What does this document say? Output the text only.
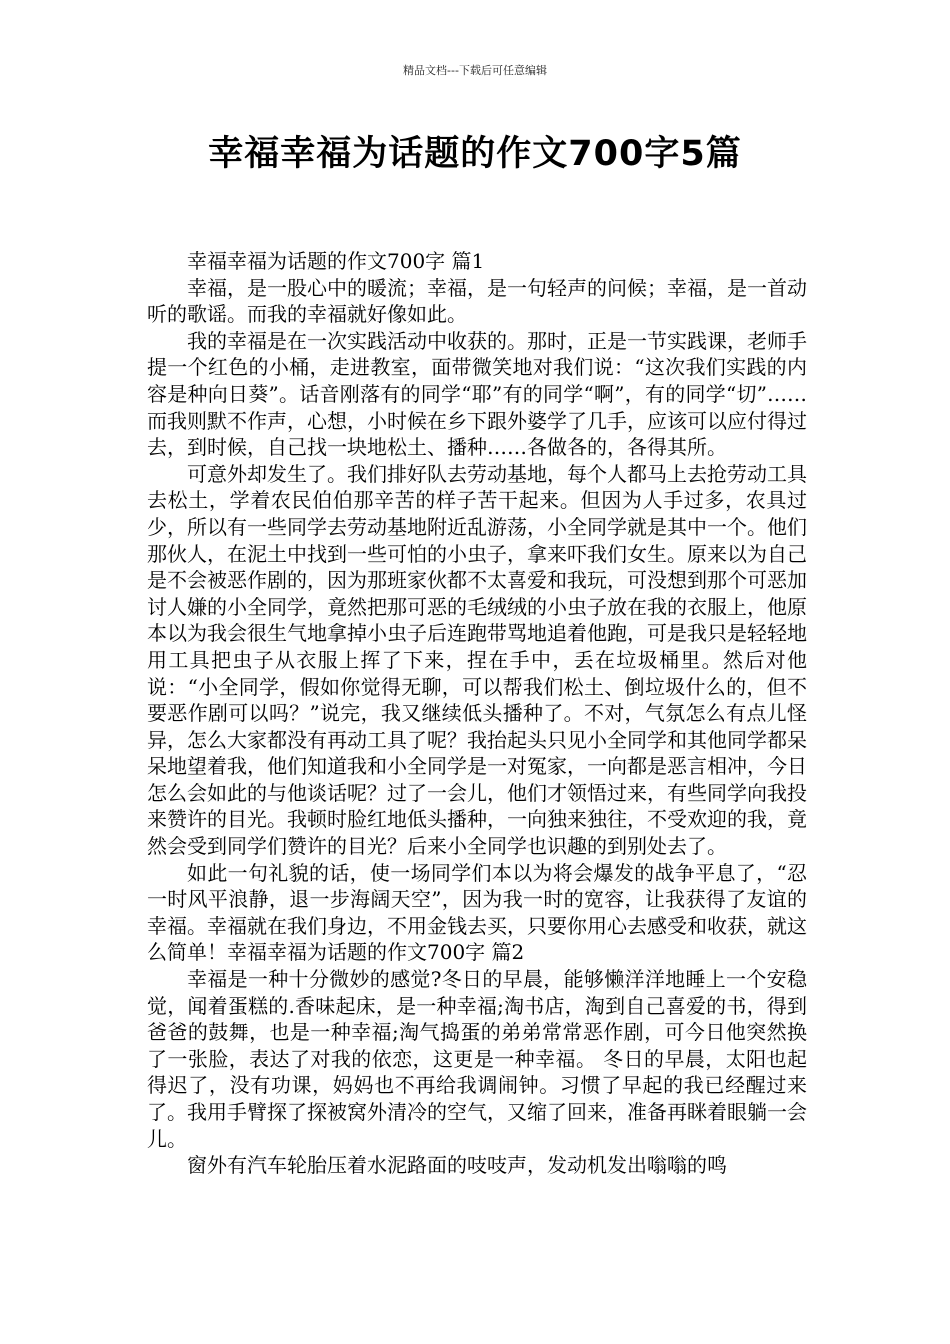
精品文档---下载后可任意编辑
幸福幸福为话题的作文700字5篇

幸福幸福为话题的作文700字 篇1

幸福，是一股心中的暖流；幸福，是一句轻声的问候；幸福，是一首动听的歌谣。而我的幸福就好像如此。

我的幸福是在一次实践活动中收获的。那时，正是一节实践课，老师手提一个红色的小桶，走进教室，面带微笑地对我们说：“这次我们实践的内容是种向日葵”。话音刚落有的同学“耶”有的同学“啊”，有的同学“切”……而我则默不作声，心想，小时候在乡下跟外婆学了几手，应该可以应付得过去，到时候，自己找一块地松土、播种……各做各的，各得其所。

可意外却发生了。我们排好队去劳动基地，每个人都马上去抢劳动工具去松土，学着农民伯伯那辛苦的样子苦干起来。但因为人手过多，农具过少，所以有一些同学去劳动基地附近乱游荡，小全同学就是其中一个。他们那伙人，在泥土中找到一些可怕的小虫子，拿来吓我们女生。原来以为自己是不会被恶作剧的，因为那班家伙都不太喜爱和我玩，可没想到那个可恶加讨人嫌的小全同学，竟然把那可恶的毛绒绒的小虫子放在我的衣服上，他原本以为我会很生气地拿掉小虫子后连跑带骂地追着他跑，可是我只是轻轻地用工具把虫子从衣服上挥了下来，捏在手中，丢在垃圾桶里。然后对他说：“小全同学，假如你觉得无聊，可以帮我们松土、倒垃圾什么的，但不要恶作剧可以吗？”说完，我又继续低头播种了。不对，气氛怎么有点儿怪异，怎么大家都没有再动工具了呢？我抬起头只见小全同学和其他同学都呆呆地望着我，他们知道我和小全同学是一对冤家，一向都是恶言相冲，今日怎么会如此的与他谈话呢？过了一会儿，他们才领悟过来，有些同学向我投来赞许的目光。我顿时脸红地低头播种，一向独来独往，不受欢迎的我，竟然会受到同学们赞许的目光？后来小全同学也识趣的到别处去了。

如此一句礼貌的话，使一场同学们本以为将会爆发的战争平息了，“忍一时风平浪静，退一步海阔天空”，因为我一时的宽容，让我获得了友谊的幸福。幸福就在我们身边，不用金钱去买，只要你用心去感受和收获，就这么简单！幸福幸福为话题的作文700字 篇2

幸福是一种十分微妙的感觉?冬日的早晨，能够懒洋洋地睡上一个安稳觉，闻着蛋糕的.香味起床，是一种幸福;淘书店，淘到自己喜爱的书，得到爸爸的鼓舞，也是一种幸福;淘气捣蛋的弟弟常常恶作剧，可今日他突然换了一张脸，表达了对我的依恋，这更是一种幸福。 冬日的早晨，太阳也起得迟了，没有功课，妈妈也不再给我调闹钟。习惯了早起的我已经醒过来了。我用手臂探了探被窝外清冷的空气，又缩了回来，准备再眯着眼躺一会儿。

窗外有汽车轮胎压着水泥路面的吱吱声，发动机发出嗡嗡的鸣
